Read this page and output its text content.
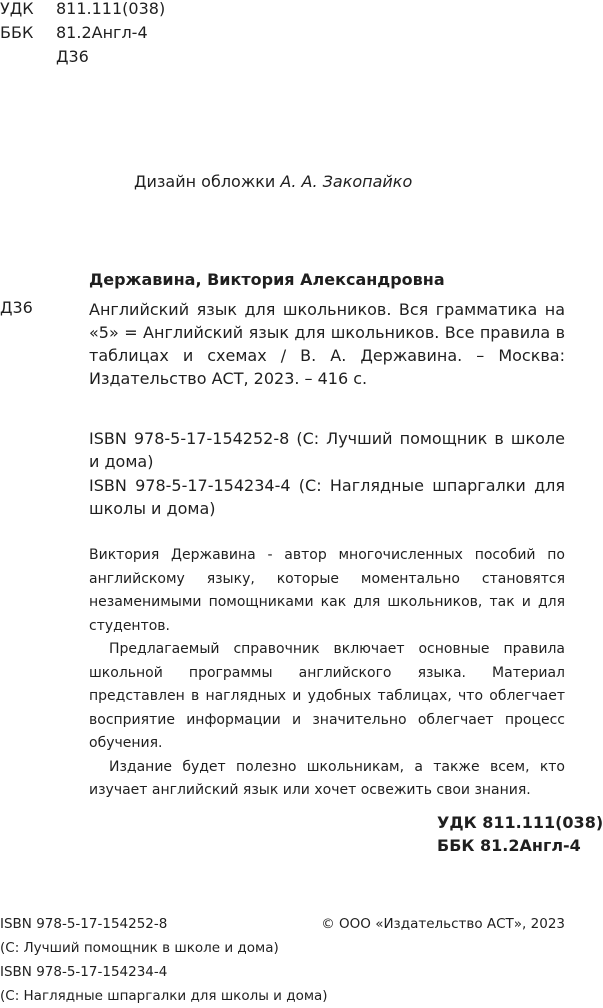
УДК 811.111(038)
ББК 81.2Англ-4
Д36
Дизайн обложки А. А. Закопайко
Державина, Виктория Александровна
Д36	Английский язык для школьников. Вся грамматика на «5» = Английский язык для школьников. Все правила в таблицах и схемах / В. А. Державина. – Москва: Издательство АСТ, 2023. – 416 с.
ISBN 978-5-17-154252-8 (С: Лучший помощник в школе и дома)
ISBN 978-5-17-154234-4 (С: Наглядные шпаргалки для школы и дома)

Виктория Державина - автор многочисленных пособий по английскому языку, которые моментально становятся незаменимыми помощниками как для школьников, так и для студентов.

Предлагаемый справочник включает основные правила школьной программы английского языка. Материал представлен в наглядных и удобных таблицах, что облегчает восприятие информации и значительно облегчает процесс обучения.

Издание будет полезно школьникам, а также всем, кто изучает английский язык или хочет освежить свои знания.

УДК 811.111(038)
ББК 81.2Англ-4
ISBN 978-5-17-154252-8
(С: Лучший помощник в школе и дома)
ISBN 978-5-17-154234-4
(С: Наглядные шпаргалки для школы и дома)
© ООО «Издательство АСТ», 2023
